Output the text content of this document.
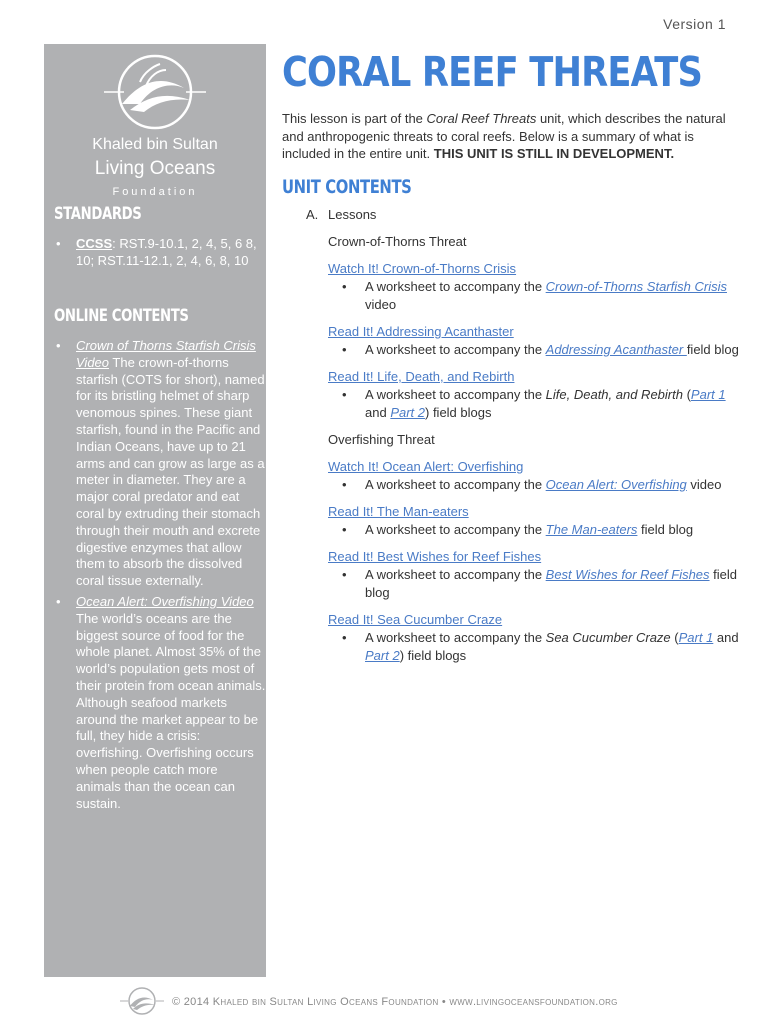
Version 1
Khaled bin Sultan
Living Oceans
Foundation
STANDARDS
• CCSS: RST.9-10.1, 2, 4, 5, 6 8, 10; RST.11-12.1, 2, 4, 6, 8, 10
ONLINE CONTENTS
• Crown of Thorns Starfish Crisis Video The crown-of-thorns starfish (COTS for short), named for its bristling helmet of sharp venomous spines. These giant starfish, found in the Pacific and Indian Oceans, have up to 21 arms and can grow as large as a meter in diameter. They are a major coral predator and eat coral by extruding their stomach through their mouth and excrete digestive enzymes that allow them to absorb the dissolved coral tissue externally.
• Ocean Alert: Overfishing Video The world’s oceans are the biggest source of food for the whole planet. Almost 35% of the world’s population gets most of their protein from ocean animals. Although seafood markets around the market appear to be full, they hide a crisis: overfishing. Overfishing occurs when people catch more animals than the ocean can sustain.
CORAL REEF THREATS
This lesson is part of the Coral Reef Threats unit, which describes the natural and anthropogenic threats to coral reefs. Below is a summary of what is included in the entire unit. THIS UNIT IS STILL IN DEVELOPMENT.
UNIT CONTENTS
A. Lessons
Crown-of-Thorns Threat
Watch It! Crown-of-Thorns Crisis
• A worksheet to accompany the Crown-of-Thorns Starfish Crisis video
Read It! Addressing Acanthaster
• A worksheet to accompany the Addressing Acanthaster field blog
Read It! Life, Death, and Rebirth
• A worksheet to accompany the Life, Death, and Rebirth (Part 1 and Part 2) field blogs
Overfishing Threat
Watch It! Ocean Alert: Overfishing
• A worksheet to accompany the Ocean Alert: Overfishing video
Read It! The Man-eaters
• A worksheet to accompany the The Man-eaters field blog
Read It! Best Wishes for Reef Fishes
• A worksheet to accompany the Best Wishes for Reef Fishes field blog
Read It! Sea Cucumber Craze
• A worksheet to accompany the Sea Cucumber Craze (Part 1 and Part 2) field blogs
© 2014 Khaled bin Sultan Living Oceans Foundation • www.livingoceansfoundation.org
